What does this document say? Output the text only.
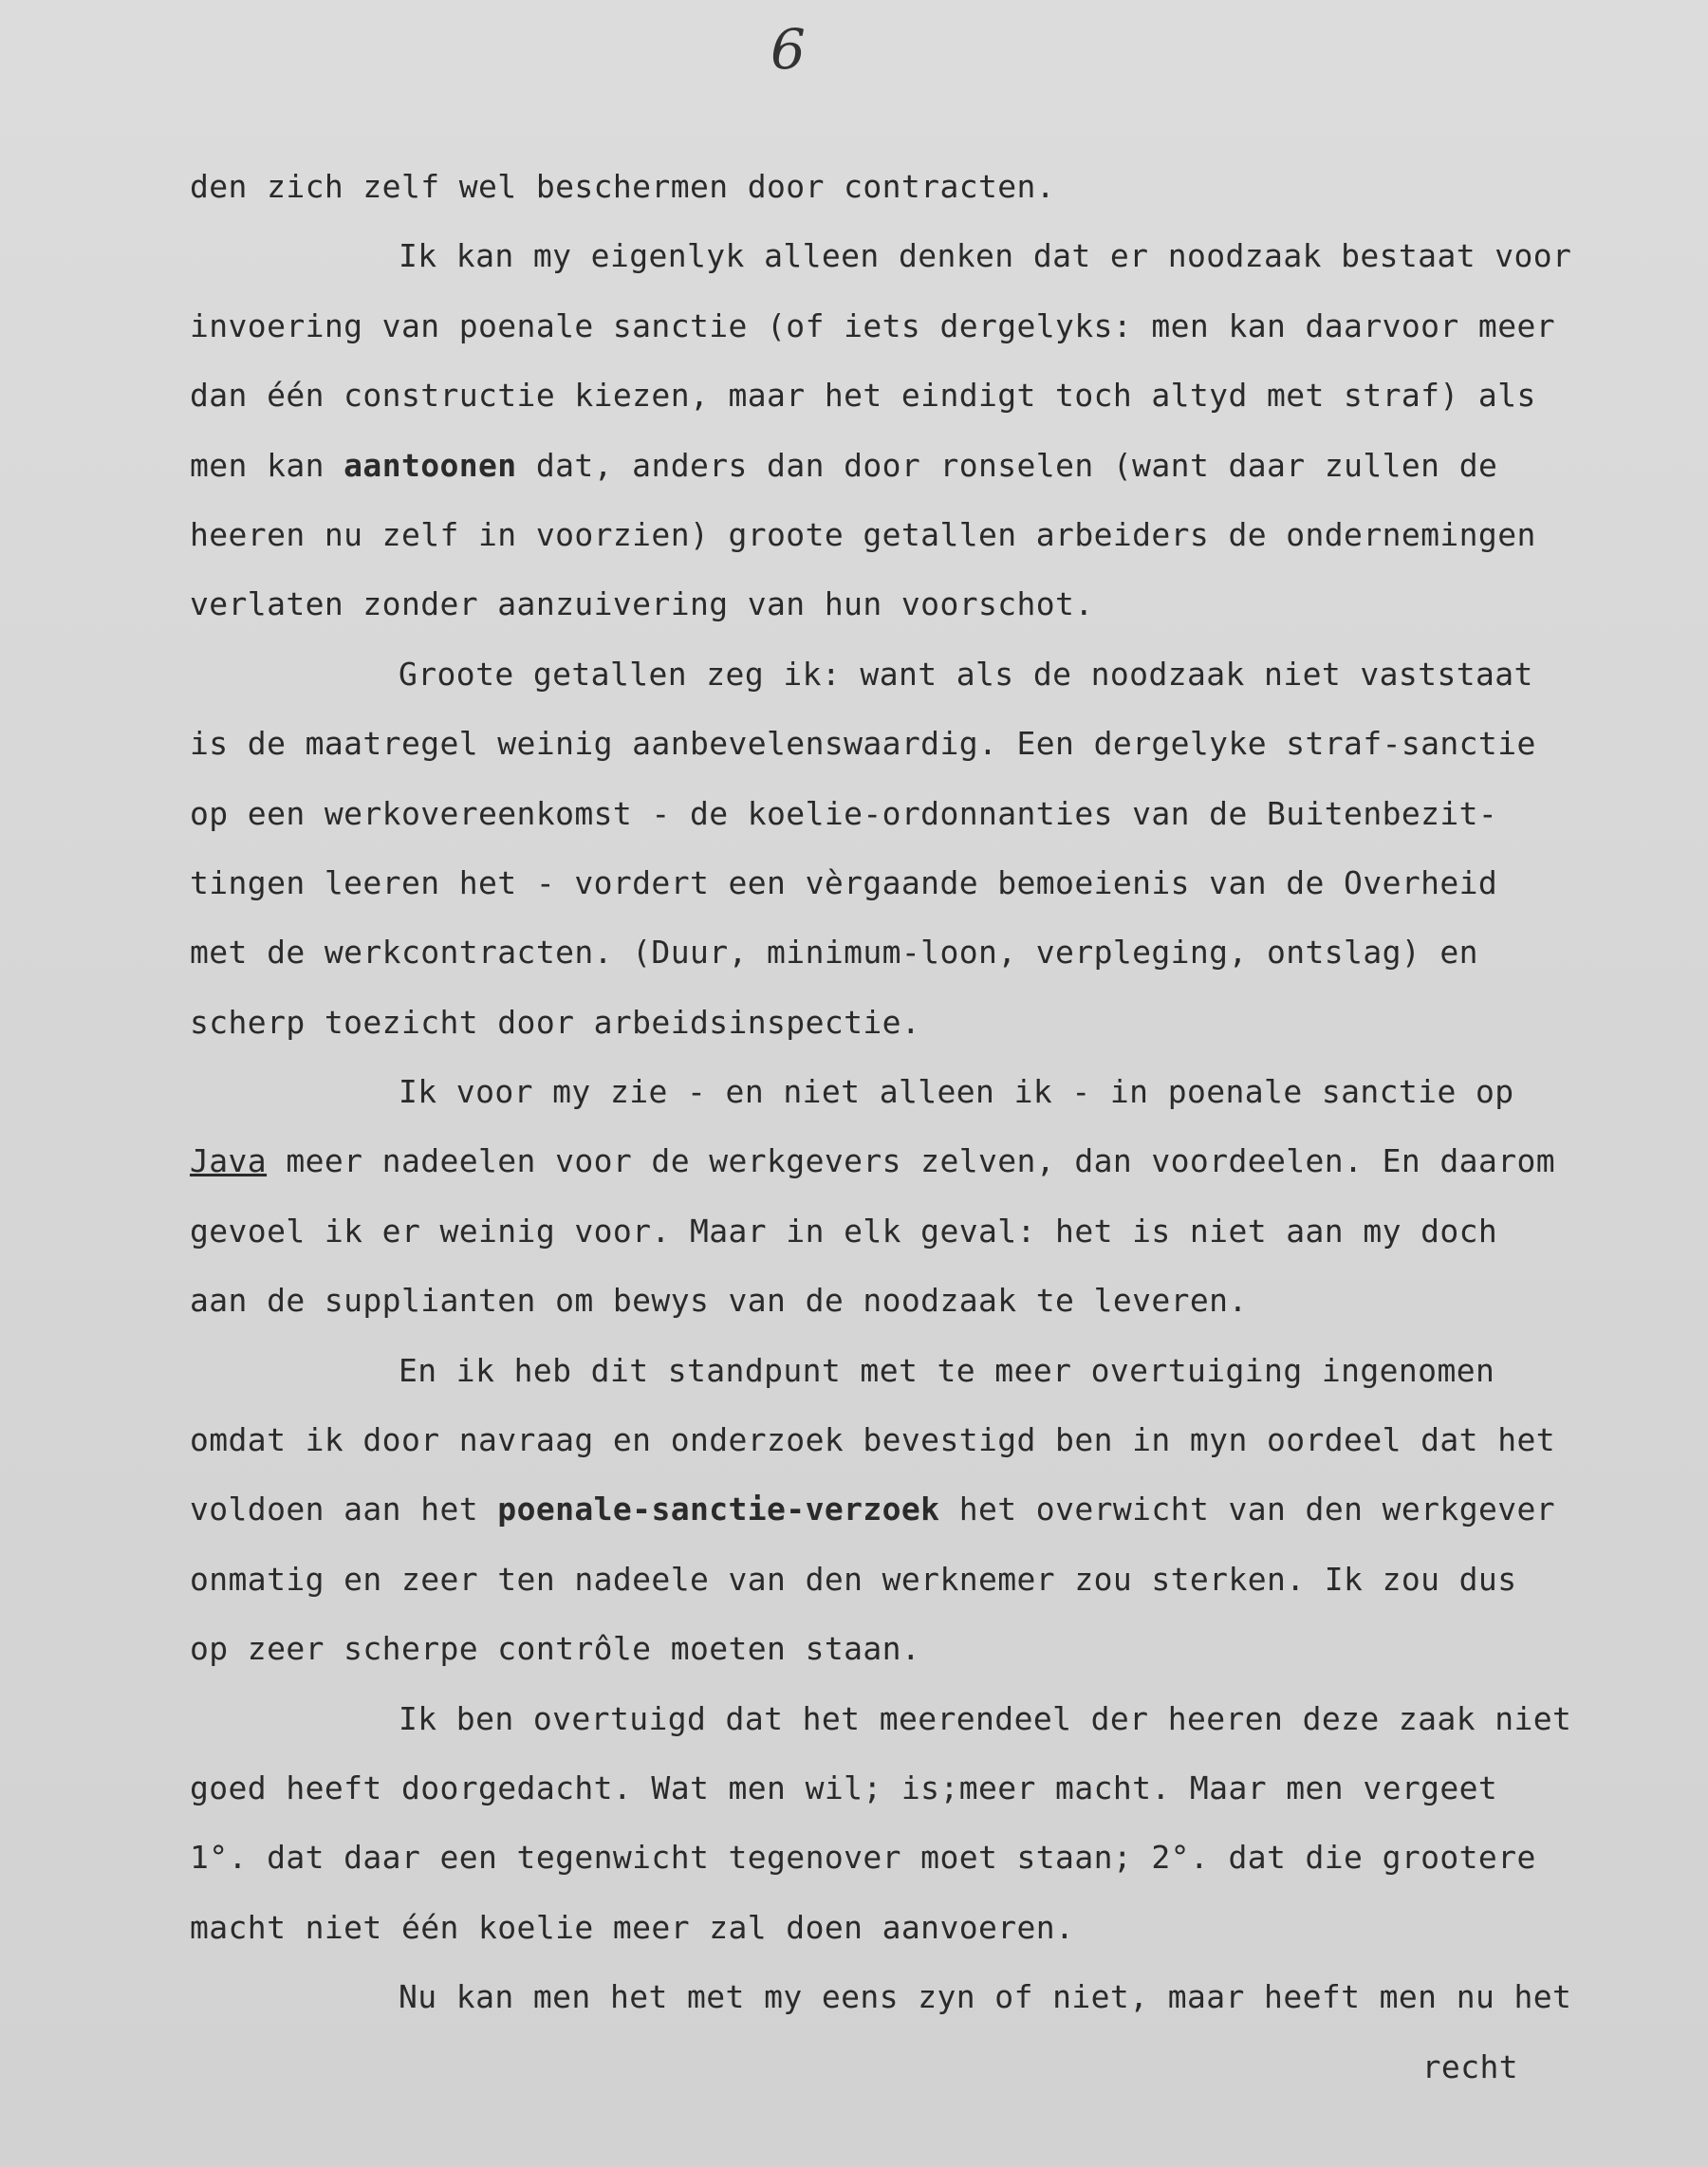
6
den zich zelf wel beschermen door contracten.
Ik kan my eigenlyk alleen denken dat er noodzaak bestaat voor
invoering van poenale sanctie (of iets dergelyks: men kan daarvoor meer
dan één constructie kiezen, maar het eindigt toch altyd met straf) als
men kan aantoonen dat, anders dan door ronselen (want daar zullen de
heeren nu zelf in voorzien) groote getallen arbeiders de ondernemingen
verlaten zonder aanzuivering van hun voorschot.
Groote getallen zeg ik: want als de noodzaak niet vaststaat
is de maatregel weinig aanbevelenswaardig. Een dergelyke straf-sanctie
op een werkovereenkomst - de koelie-ordonnanties van de Buitenbezit-
tingen leeren het - vordert een vèrgaande bemoeienis van de Overheid
met de werkcontracten. (Duur, minimum-loon, verpleging, ontslag) en
scherp toezicht door arbeidsinspectie.
Ik voor my zie - en niet alleen ik - in poenale sanctie op
Java meer nadeelen voor de werkgevers zelven, dan voordeelen. En daarom
gevoel ik er weinig voor. Maar in elk geval: het is niet aan my doch
aan de supplianten om bewys van de noodzaak te leveren.
En ik heb dit standpunt met te meer overtuiging ingenomen
omdat ik door navraag en onderzoek bevestigd ben in myn oordeel dat het
voldoen aan het poenale-sanctie-verzoek het overwicht van den werkgever
onmatig en zeer ten nadeele van den werknemer zou sterken. Ik zou dus
op zeer scherpe contrôle moeten staan.
Ik ben overtuigd dat het meerendeel der heeren deze zaak niet
goed heeft doorgedacht. Wat men wil; is;meer macht. Maar men vergeet
1°. dat daar een tegenwicht tegenover moet staan; 2°. dat die grootere
macht niet één koelie meer zal doen aanvoeren.
Nu kan men het met my eens zyn of niet, maar heeft men nu het
recht
